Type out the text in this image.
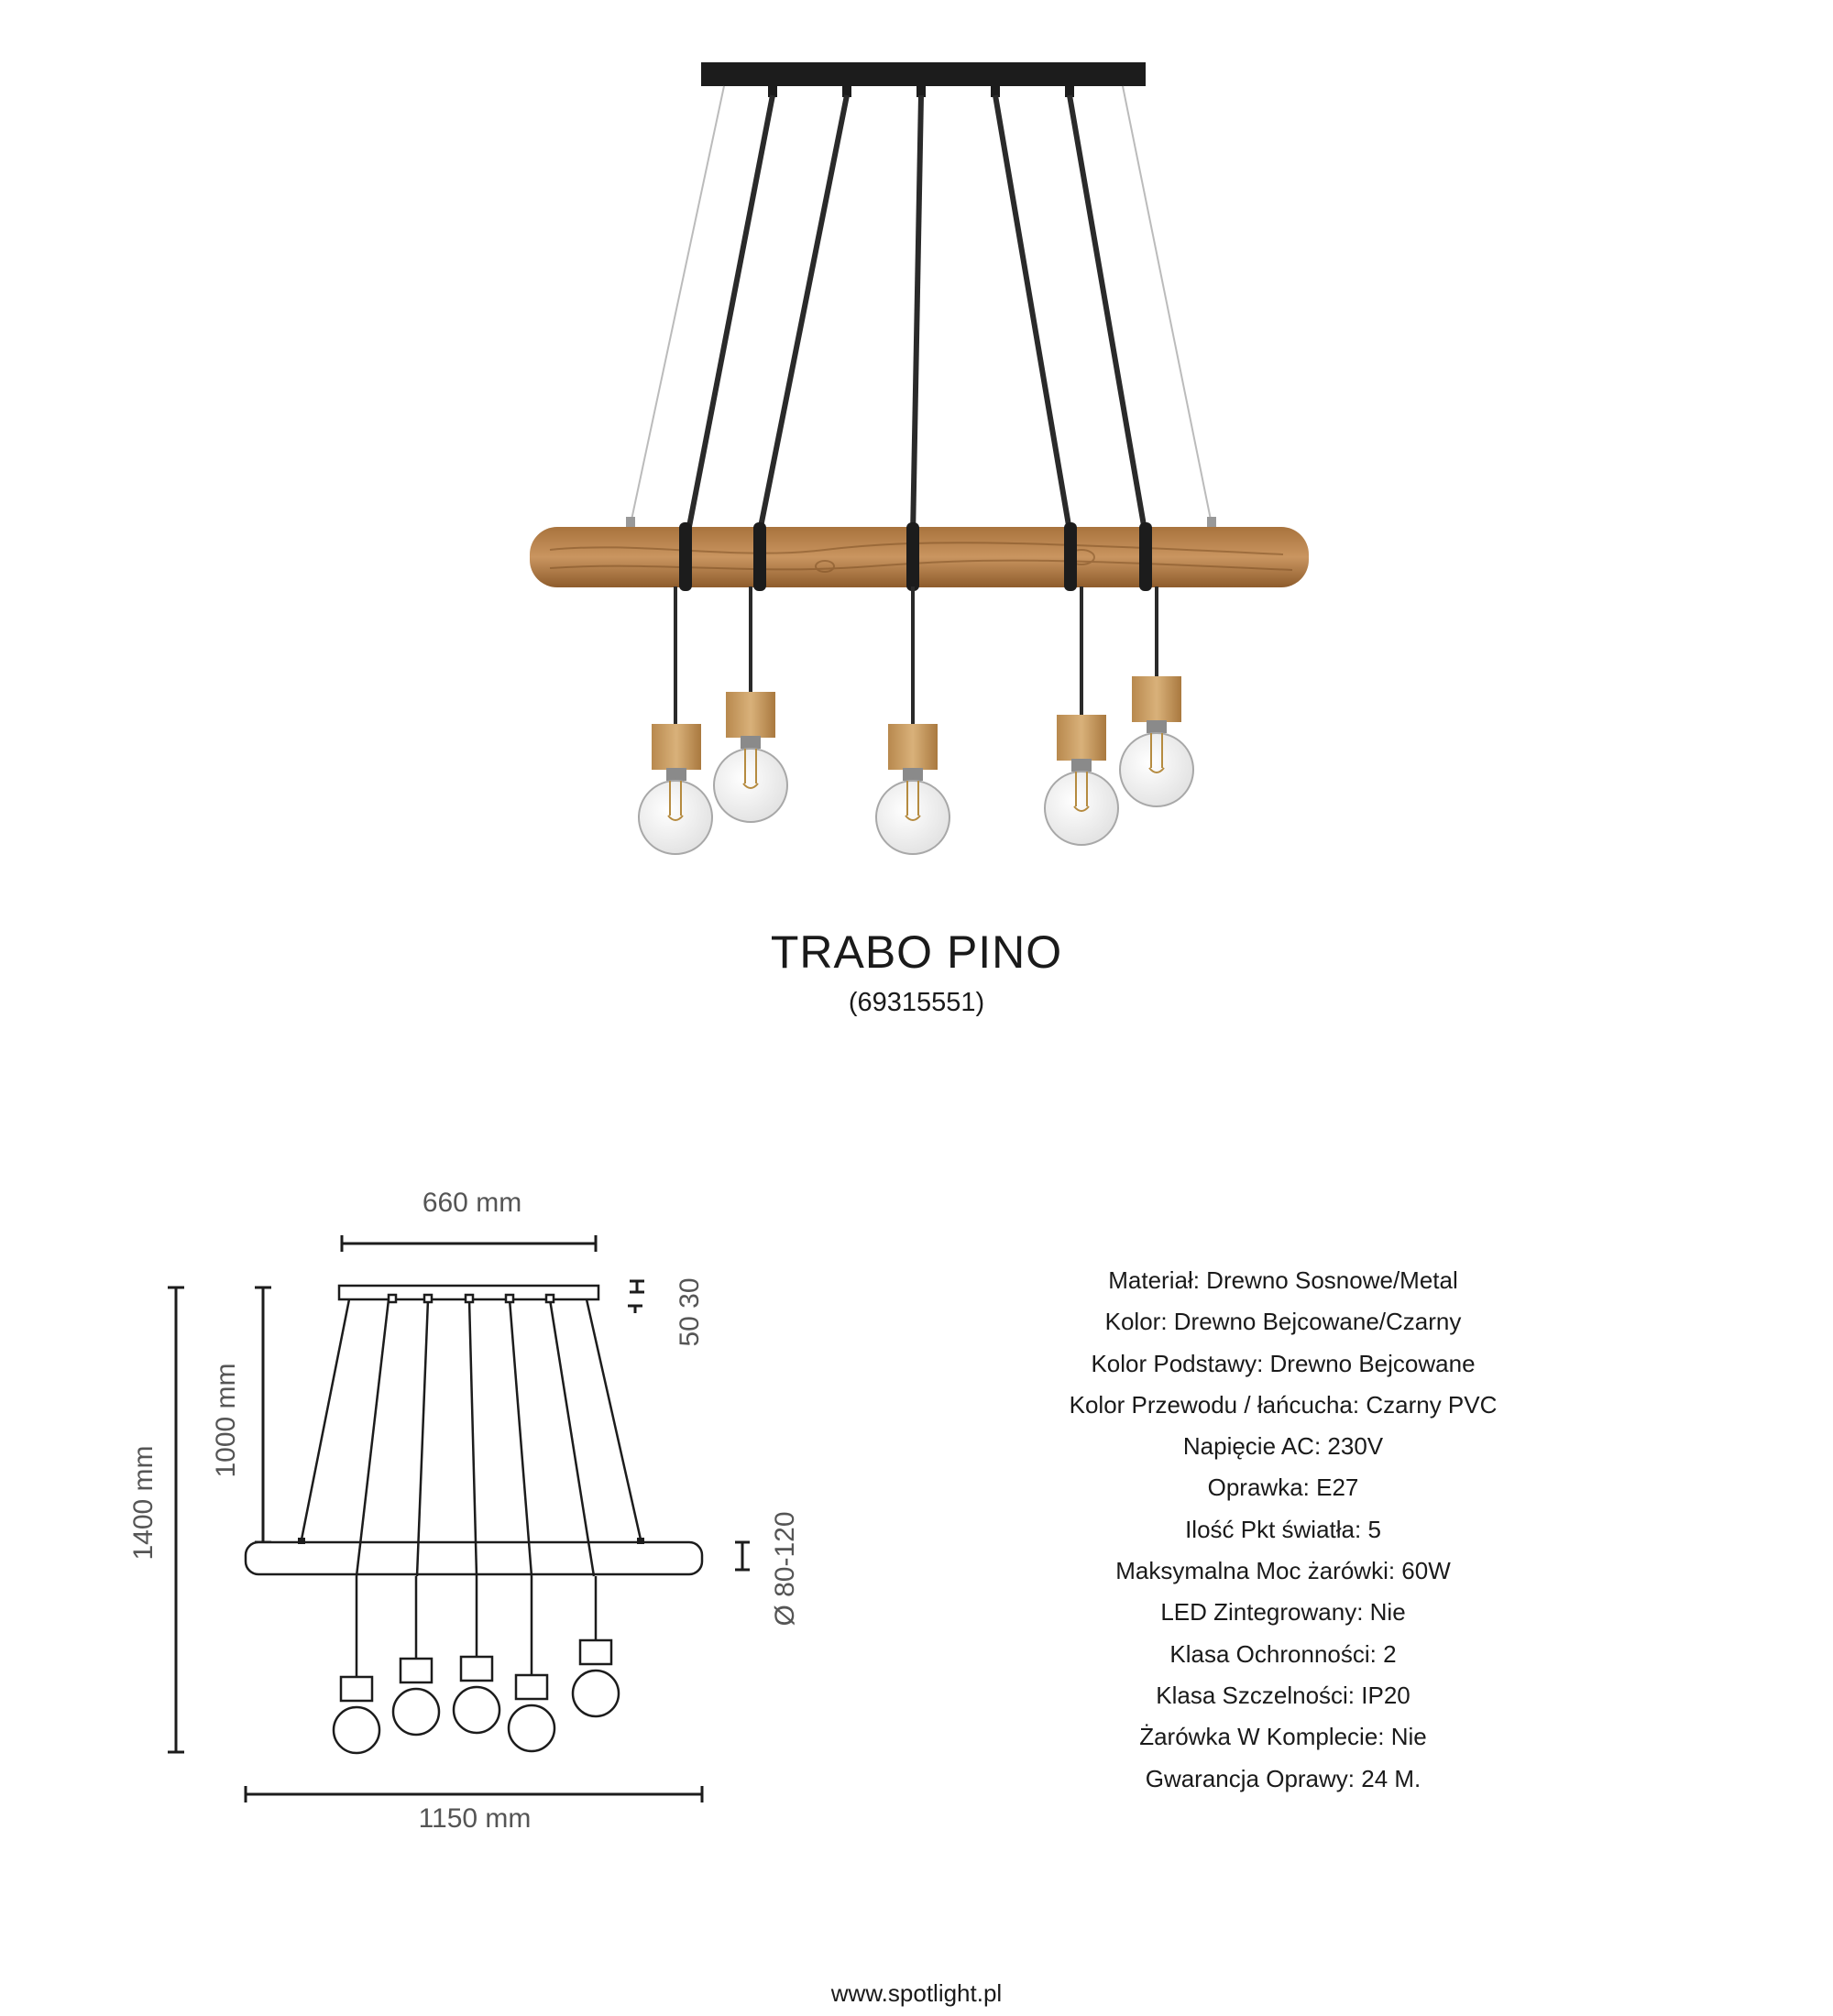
TRABO PINO
(69315551)
660 mm
1150 mm
1400 mm
1000 mm
50 30
Ø 80-120
Materiał: Drewno Sosnowe/Metal
Kolor: Drewno Bejcowane/Czarny
Kolor Podstawy: Drewno Bejcowane
Kolor Przewodu / łańcucha: Czarny PVC
Napięcie AC: 230V
Oprawka: E27
Ilość Pkt światła: 5
Maksymalna Moc żarówki: 60W
LED Zintegrowany: Nie
Klasa Ochronności: 2
Klasa Szczelności: IP20
Żarówka W Komplecie: Nie
Gwarancja Oprawy: 24 M.
www.spotlight.pl
